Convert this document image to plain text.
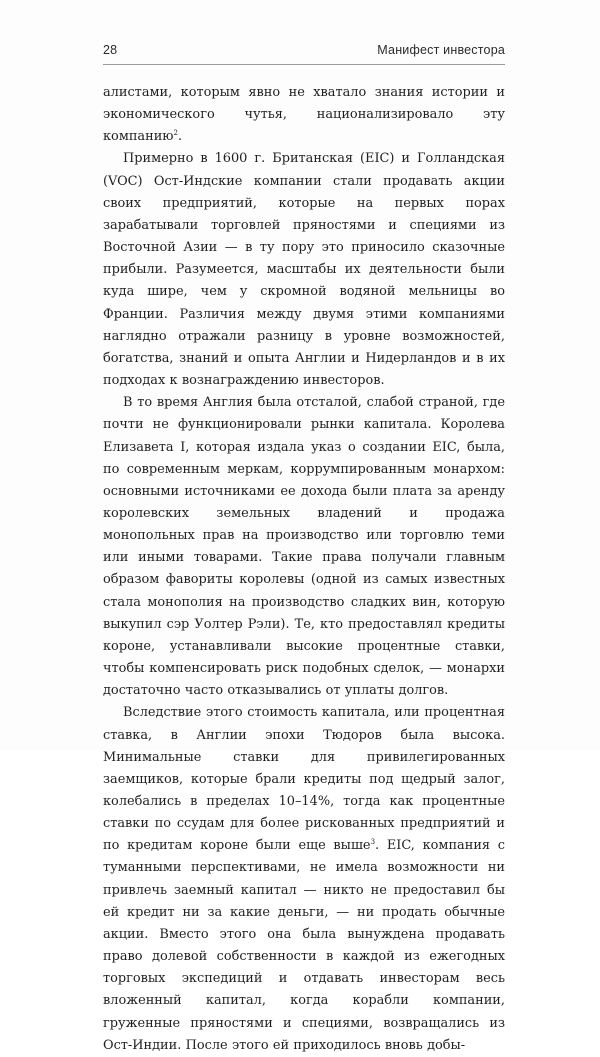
28	Манифест инвестора

алистами, которым явно не хватало знания истории и экономического чутья, национализировало эту компанию$^2$.

Примерно в 1600 г. Британская (EIC) и Голландская (VOC) Ост-Индские компании стали продавать акции своих предприятий, которые на первых порах зарабатывали торговлей пряностями и специями из Восточной Азии — в ту пору это приносило сказочные прибыли. Разумеется, масштабы их деятельности были куда шире, чем у скромной водяной мельницы во Франции. Различия между двумя этими компаниями наглядно отражали разницу в уровне возможностей, богатства, знаний и опыта Англии и Нидерландов и в их подходах к вознаграждению инвесторов.

В то время Англия была отсталой, слабой страной, где почти не функционировали рынки капитала. Королева Елизавета I, которая издала указ о создании EIC, была, по современным меркам, коррумпированным монархом: основными источниками ее дохода были плата за аренду королевских земельных владений и продажа монопольных прав на производство или торговлю теми или иными товарами. Такие права получали главным образом фавориты королевы (одной из самых известных стала монополия на производство сладких вин, которую выкупил сэр Уолтер Рэли). Те, кто предоставлял кредиты короне, устанавливали высокие процентные ставки, чтобы компенсировать риск подобных сделок, — монархи достаточно часто отказывались от уплаты долгов.

Вследствие этого стоимость капитала, или процентная ставка, в Англии эпохи Тюдоров была высока. Минимальные ставки для привилегированных заемщиков, которые брали кредиты под щедрый залог, колебались в пределах 10–14%, тогда как процентные ставки по ссудам для более рискованных предприятий и по кредитам короне были еще выше$^3$. EIC, компания с туманными перспективами, не имела возможности ни привлечь заемный капитал — никто не предоставил бы ей кредит ни за какие деньги, — ни продать обычные акции. Вместо этого она была вынуждена продавать право долевой собственности в каждой из ежегодных торговых экспедиций и отдавать инвесторам весь вложенный капитал, когда корабли компании, груженные пряностями и специями, возвращались из Ост-Индии. После этого ей приходилось вновь добы-
